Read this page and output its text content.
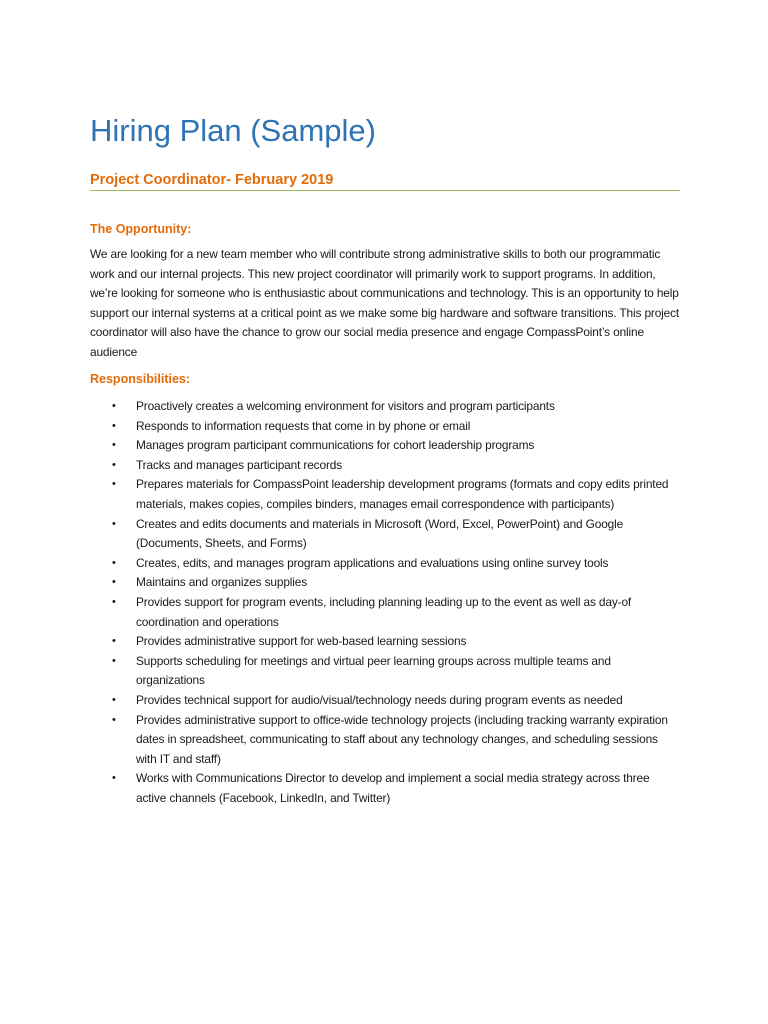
Hiring Plan (Sample)
Project Coordinator- February 2019
The Opportunity:

We are looking for a new team member who will contribute strong administrative skills to both our programmatic work and our internal projects. This new project coordinator will primarily work to support programs. In addition, we’re looking for someone who is enthusiastic about communications and technology. This is an opportunity to help support our internal systems at a critical point as we make some big hardware and software transitions. This project coordinator will also have the chance to grow our social media presence and engage CompassPoint’s online audience

Responsibilities:
• Proactively creates a welcoming environment for visitors and program participants
• Responds to information requests that come in by phone or email
• Manages program participant communications for cohort leadership programs
• Tracks and manages participant records
• Prepares materials for CompassPoint leadership development programs (formats and copy edits printed materials, makes copies, compiles binders, manages email correspondence with participants)
• Creates and edits documents and materials in Microsoft (Word, Excel, PowerPoint) and Google (Documents, Sheets, and Forms)
• Creates, edits, and manages program applications and evaluations using online survey tools
• Maintains and organizes supplies
• Provides support for program events, including planning leading up to the event as well as day-of coordination and operations
• Provides administrative support for web-based learning sessions
• Supports scheduling for meetings and virtual peer learning groups across multiple teams and organizations
• Provides technical support for audio/visual/technology needs during program events as needed
• Provides administrative support to office-wide technology projects (including tracking warranty expiration dates in spreadsheet, communicating to staff about any technology changes, and scheduling sessions with IT and staff)
• Works with Communications Director to develop and implement a social media strategy across three active channels (Facebook, LinkedIn, and Twitter)
